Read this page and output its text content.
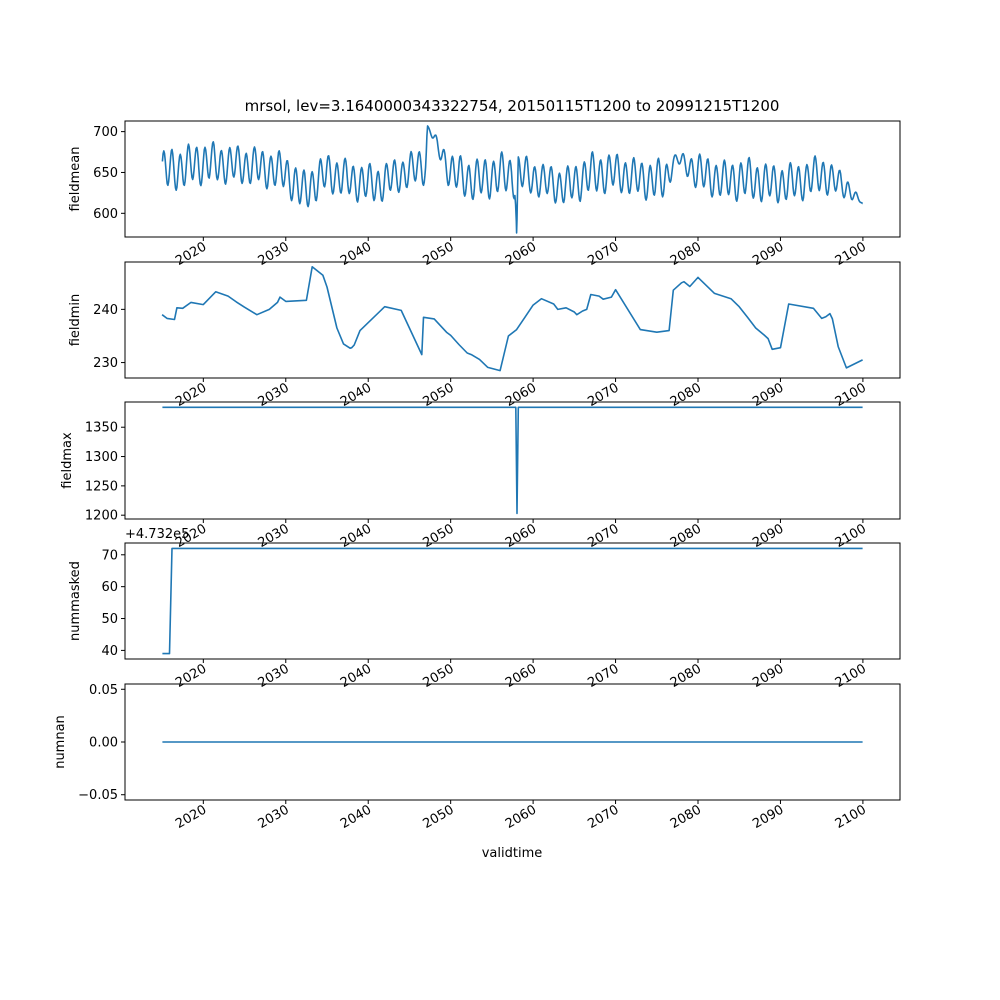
mrsol, lev=3.1640000343322754, 20150115T1200 to 20991215T1200
600
650
700
2020	2030	2040	2050	2060	2070	2080	2090	2100
fieldmean
230
240
2020	2030	2040	2050	2060	2070	2080	2090	2100
fieldmin
1200
1250
1300
1350
2020	2030	2040	2050	2060	2070	2080	2090	2100
fieldmax
40
50
60
70
2020	2030	2040	2050	2060	2070	2080	2090	2100
nummasked
+4.732e5
−0.05
0.00
0.05
2020	2030	2040	2050	2060	2070	2080	2090	2100
numnan
validtime
